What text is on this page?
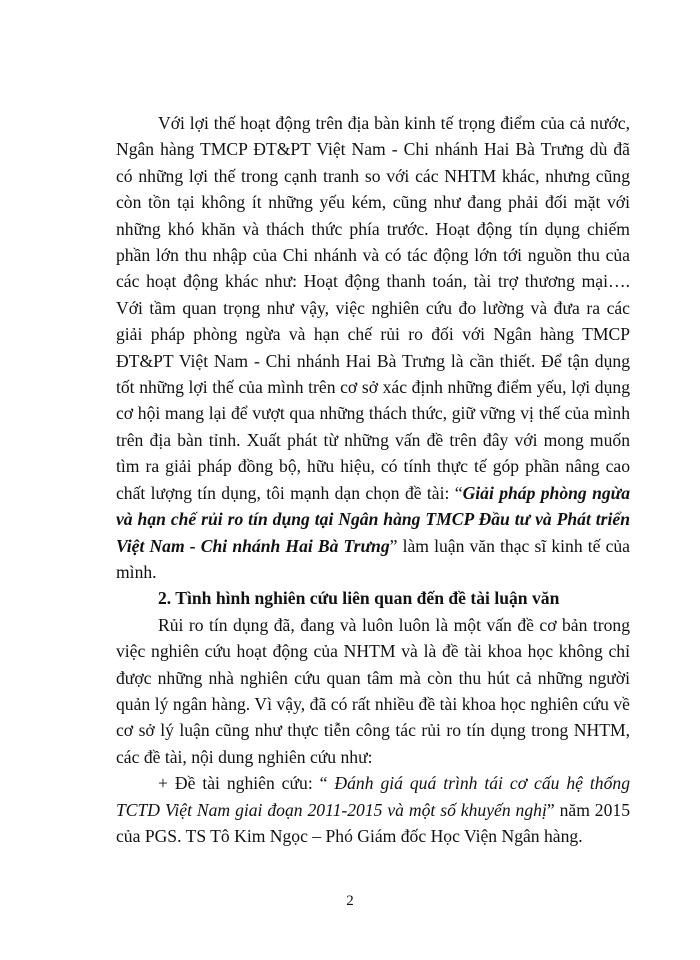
Với lợi thế hoạt động trên địa bàn kinh tế trọng điểm của cả nước, Ngân hàng TMCP ĐT&PT Việt Nam - Chi nhánh Hai Bà Trưng dù đã có những lợi thế trong cạnh tranh so với các NHTM khác, nhưng cũng còn tồn tại không ít những yếu kém, cũng như đang phải đối mặt với những khó khăn và thách thức phía trước. Hoạt động tín dụng chiếm phần lớn thu nhập của Chi nhánh và có tác động lớn tới nguồn thu của các hoạt động khác như: Hoạt động thanh toán, tài trợ thương mại…. Với tầm quan trọng như vậy, việc nghiên cứu đo lường và đưa ra các giải pháp phòng ngừa và hạn chế rủi ro đối với Ngân hàng TMCP ĐT&PT Việt Nam - Chi nhánh Hai Bà Trưng là cần thiết. Để tận dụng tốt những lợi thế của mình trên cơ sở xác định những điểm yếu, lợi dụng cơ hội mang lại để vượt qua những thách thức, giữ vững vị thế của mình trên địa bàn tỉnh. Xuất phát từ những vấn đề trên đây với mong muốn tìm ra giải pháp đồng bộ, hữu hiệu, có tính thực tế góp phần nâng cao chất lượng tín dụng, tôi mạnh dạn chọn đề tài: “Giải pháp phòng ngừa và hạn chế rủi ro tín dụng tại Ngân hàng TMCP Đầu tư và Phát triển Việt Nam - Chi nhánh Hai Bà Trưng” làm luận văn thạc sĩ kinh tế của mình.

2. Tình hình nghiên cứu liên quan đến đề tài luận văn

Rủi ro tín dụng đã, đang và luôn luôn là một vấn đề cơ bản trong việc nghiên cứu hoạt động của NHTM và là đề tài khoa học không chỉ được những nhà nghiên cứu quan tâm mà còn thu hút cả những người quản lý ngân hàng. Vì vậy, đã có rất nhiều đề tài khoa học nghiên cứu về cơ sở lý luận cũng như thực tiễn công tác rủi ro tín dụng trong NHTM, các đề tài, nội dung nghiên cứu như:

+ Đề tài nghiên cứu: “ Đánh giá quá trình tái cơ cấu hệ thống TCTD Việt Nam giai đoạn 2011-2015 và một số khuyến nghị” năm 2015 của PGS. TS Tô Kim Ngọc – Phó Giám đốc Học Viện Ngân hàng.

2
